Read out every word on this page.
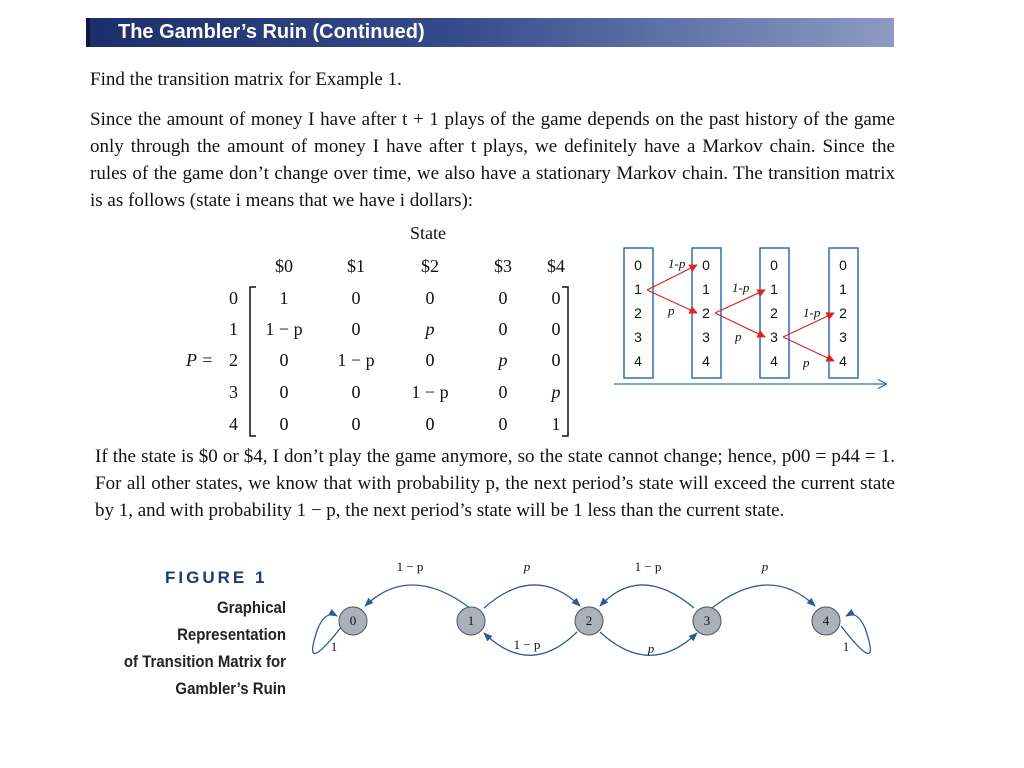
The Gambler’s Ruin (Continued)

Find the transition matrix for Example 1.

Since the amount of money I have after t + 1 plays of the game depends on the past history of the game only through the amount of money I have after t plays, we definitely have a Markov chain. Since the rules of the game don’t change over time, we also have a stationary Markov chain. The transition matrix is as follows (state i means that we have i dollars):

If the state is $0 or $4, I don’t play the game anymore, so the state cannot change; hence, p00 = p44 = 1. For all other states, we know that with probability p, the next period’s state will exceed the current state by 1, and with probability 1 − p, the next period’s state will be 1 less than the current state.

FIGURE 1
Graphical Representation
of Transition Matrix for
Gambler’s Ruin
State
$0	$1	$2	$3 $4
P =
0
1
2
3
4
1	0	0	0 0
1 − p	0	p	0 0
0	1 − p	0	p 0
0	0	1 − p	0 p
0	0	0	0 1
0
1
2
3
4
0
1
2
3
4
0
1
2
3
4
0
1
2
3
4
1-p
p
1-p
p
1-p
p
0	1	2	3	4
1 − p	p	1 − p	p
1 − p	p
1	1
